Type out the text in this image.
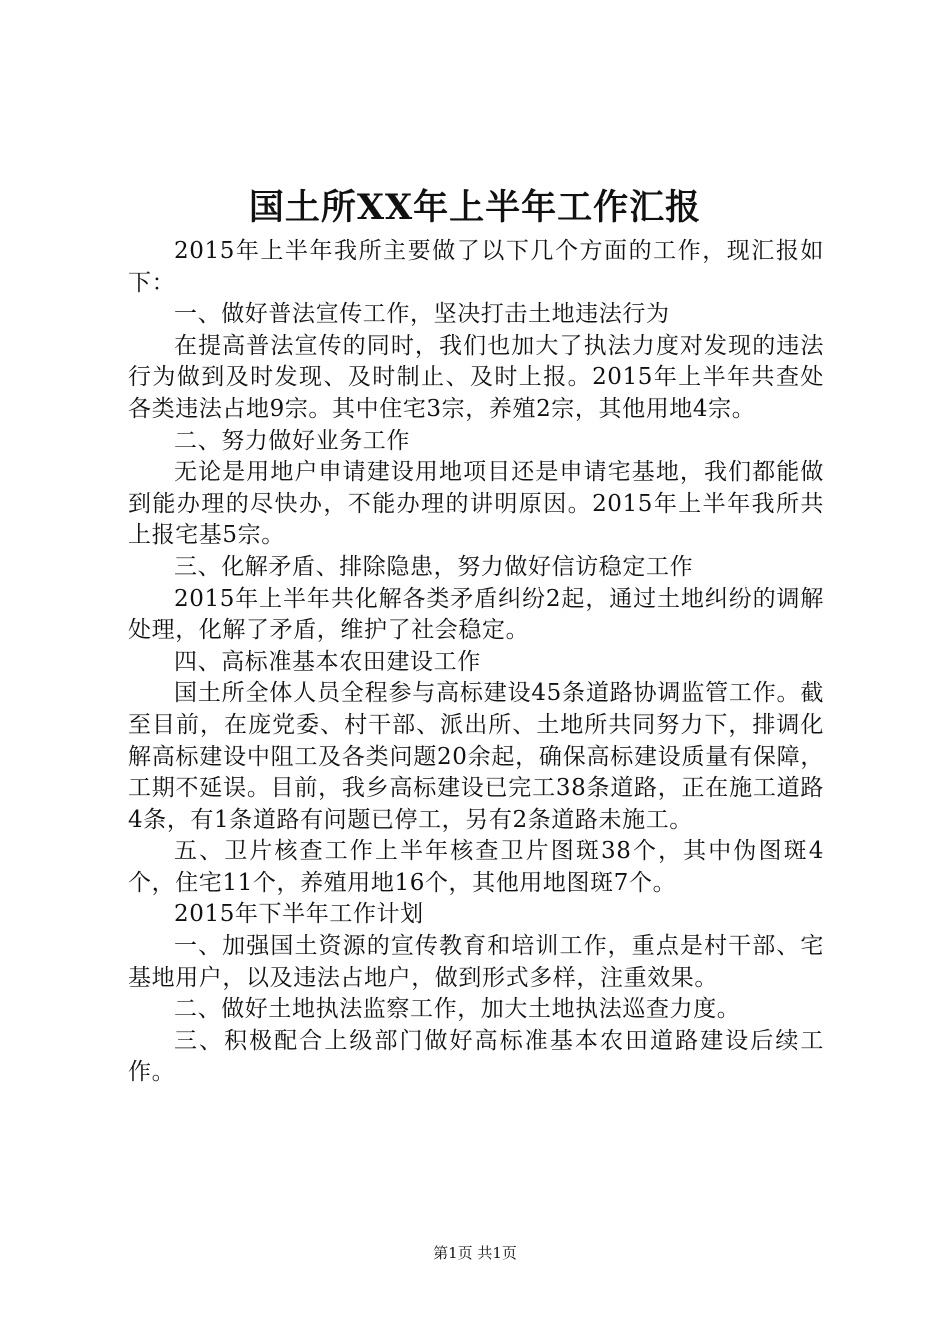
国土所XX年上半年工作汇报

2015年上半年我所主要做了以下几个方面的工作，现汇报如下：

一、做好普法宣传工作，坚决打击土地违法行为

在提高普法宣传的同时，我们也加大了执法力度对发现的违法行为做到及时发现、及时制止、及时上报。2015年上半年共查处各类违法占地9宗。其中住宅3宗，养殖2宗，其他用地4宗。

二、努力做好业务工作

无论是用地户申请建设用地项目还是申请宅基地，我们都能做到能办理的尽快办，不能办理的讲明原因。2015年上半年我所共上报宅基5宗。

三、化解矛盾、排除隐患，努力做好信访稳定工作

2015年上半年共化解各类矛盾纠纷2起，通过土地纠纷的调解处理，化解了矛盾，维护了社会稳定。

四、高标准基本农田建设工作

国土所全体人员全程参与高标建设45条道路协调监管工作。截至目前，在庞党委、村干部、派出所、土地所共同努力下，排调化解高标建设中阻工及各类问题20余起，确保高标建设质量有保障，工期不延误。目前，我乡高标建设已完工38条道路，正在施工道路4条，有1条道路有问题已停工，另有2条道路未施工。

五、卫片核查工作上半年核查卫片图斑38个，其中伪图斑4个，住宅11个，养殖用地16个，其他用地图斑7个。

2015年下半年工作计划

一、加强国土资源的宣传教育和培训工作，重点是村干部、宅基地用户，以及违法占地户，做到形式多样，注重效果。

二、做好土地执法监察工作，加大土地执法巡查力度。

三、积极配合上级部门做好高标准基本农田道路建设后续工作。

第1页 共1页
